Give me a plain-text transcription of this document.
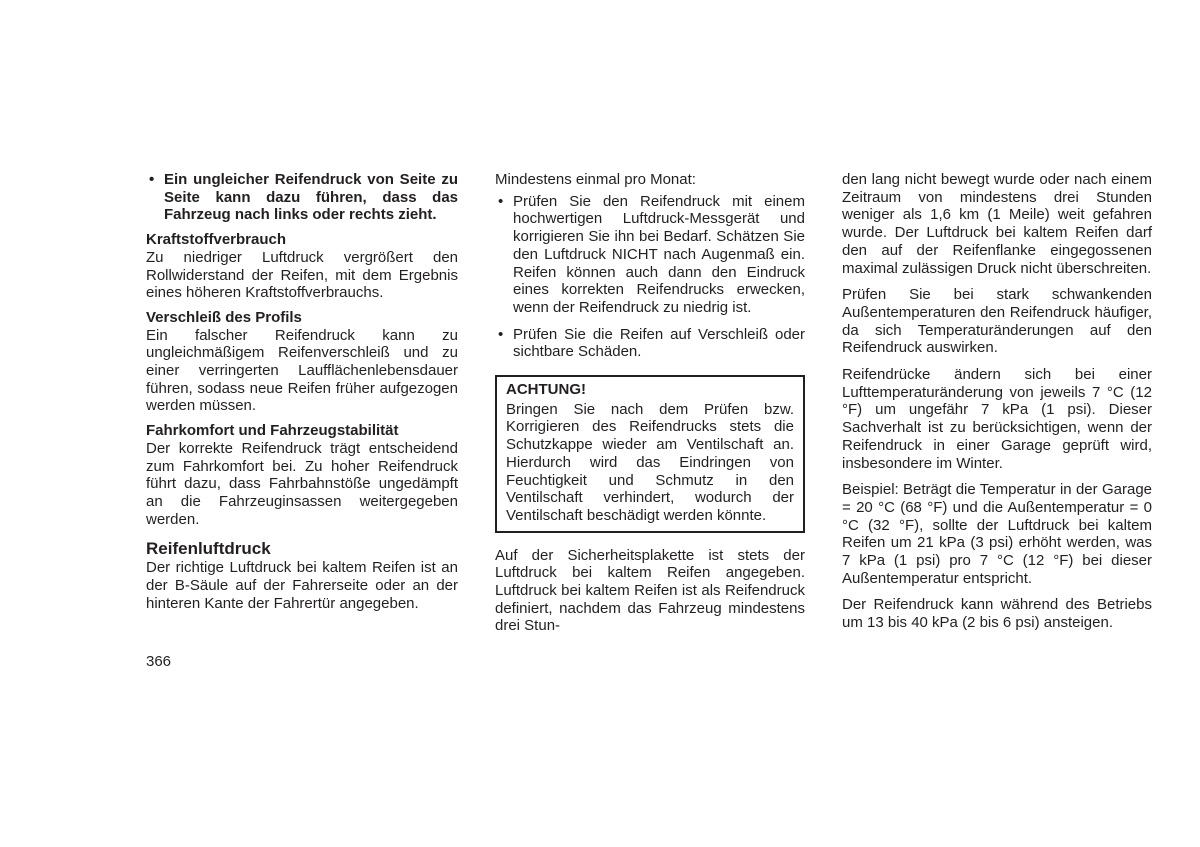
• Ein ungleicher Reifendruck von Seite zu Seite kann dazu führen, dass das Fahrzeug nach links oder rechts zieht.

Kraftstoffverbrauch

Zu niedriger Luftdruck vergrößert den Rollwiderstand der Reifen, mit dem Ergebnis eines höheren Kraftstoffverbrauchs.

Verschleiß des Profils

Ein falscher Reifendruck kann zu ungleichmäßigem Reifenverschleiß und zu einer verringerten Laufflächenlebensdauer führen, sodass neue Reifen früher aufgezogen werden müssen.

Fahrkomfort und Fahrzeugstabilität

Der korrekte Reifendruck trägt entscheidend zum Fahrkomfort bei. Zu hoher Reifendruck führt dazu, dass Fahrbahnstöße ungedämpft an die Fahrzeuginsassen weitergegeben werden.

Reifenluftdruck

Der richtige Luftdruck bei kaltem Reifen ist an der B-Säule auf der Fahrerseite oder an der hinteren Kante der Fahrertür angegeben.

Mindestens einmal pro Monat:

• Prüfen Sie den Reifendruck mit einem hochwertigen Luftdruck-Messgerät und korrigieren Sie ihn bei Bedarf. Schätzen Sie den Luftdruck NICHT nach Augenmaß ein. Reifen können auch dann den Eindruck eines korrekten Reifendrucks erwecken, wenn der Reifendruck zu niedrig ist.

• Prüfen Sie die Reifen auf Verschleiß oder sichtbare Schäden.

ACHTUNG!

Bringen Sie nach dem Prüfen bzw. Korrigieren des Reifendrucks stets die Schutzkappe wieder am Ventilschaft an. Hierdurch wird das Eindringen von Feuchtigkeit und Schmutz in den Ventilschaft verhindert, wodurch der Ventilschaft beschädigt werden könnte.

Auf der Sicherheitsplakette ist stets der Luftdruck bei kaltem Reifen angegeben. Luftdruck bei kaltem Reifen ist als Reifendruck definiert, nachdem das Fahrzeug mindestens drei Stun-

den lang nicht bewegt wurde oder nach einem Zeitraum von mindestens drei Stunden weniger als 1,6 km (1 Meile) weit gefahren wurde. Der Luftdruck bei kaltem Reifen darf den auf der Reifenflanke eingegossenen maximal zulässigen Druck nicht überschreiten.

Prüfen Sie bei stark schwankenden Außentemperaturen den Reifendruck häufiger, da sich Temperaturänderungen auf den Reifendruck auswirken.

Reifendrücke ändern sich bei einer Lufttemperaturänderung von jeweils 7 °C (12 °F) um ungefähr 7 kPa (1 psi). Dieser Sachverhalt ist zu berücksichtigen, wenn der Reifendruck in einer Garage geprüft wird, insbesondere im Winter.

Beispiel: Beträgt die Temperatur in der Garage = 20 °C (68 °F) und die Außentemperatur = 0 °C (32 °F), sollte der Luftdruck bei kaltem Reifen um 21 kPa (3 psi) erhöht werden, was 7 kPa (1 psi) pro 7 °C (12 °F) bei dieser Außentemperatur entspricht.

Der Reifendruck kann während des Betriebs um 13 bis 40 kPa (2 bis 6 psi) ansteigen.

366
